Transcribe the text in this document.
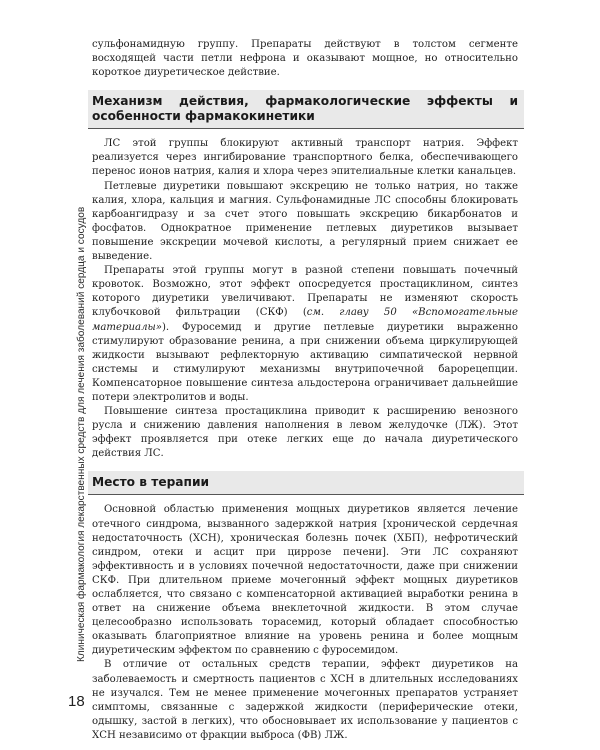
сульфонамидную группу. Препараты действуют в толстом сегменте восходящей части петли нефрона и оказывают мощное, но относительно короткое диуретическое действие.

Механизм действия, фармакологические эффекты и особенности фармакокинетики

ЛС этой группы блокируют активный транспорт натрия. Эффект реализуется через ингибирование транспортного белка, обеспечивающего перенос ионов натрия, калия и хлора через эпителиальные клетки канальцев.

Петлевые диуретики повышают экскрецию не только натрия, но также калия, хлора, кальция и магния. Сульфонамидные ЛС способны блокировать карбоангидразу и за счет этого повышать экскрецию бикарбонатов и фосфатов. Однократное применение петлевых диуретиков вызывает повышение экскреции мочевой кислоты, а регулярный прием снижает ее выведение.

Препараты этой группы могут в разной степени повышать почечный кровоток. Возможно, этот эффект опосредуется простациклином, синтез которого диуретики увеличивают. Препараты не изменяют скорость клубочковой фильтрации (СКФ) (см. главу 50 «Вспомогательные материалы»). Фуросемид и другие петлевые диуретики выраженно стимулируют образование ренина, а при снижении объема циркулирующей жидкости вызывают рефлекторную активацию симпатической нервной системы и стимулируют механизмы внутрипочечной барорецепции. Компенсаторное повышение синтеза альдостерона ограничивает дальнейшие потери электролитов и воды.

Повышение синтеза простациклина приводит к расширению венозного русла и снижению давления наполнения в левом желудочке (ЛЖ). Этот эффект проявляется при отеке легких еще до начала диуретического действия ЛС.

Место в терапии

Основной областью применения мощных диуретиков является лечение отечного синдрома, вызванного задержкой натрия [хронической сердечная недостаточность (ХСН), хроническая болезнь почек (ХБП), нефротический синдром, отеки и асцит при циррозе печени]. Эти ЛС сохраняют эффективность и в условиях почечной недостаточности, даже при снижении СКФ. При длительном приеме мочегонный эффект мощных диуретиков ослабляется, что связано с компенсаторной активацией выработки ренина в ответ на снижение объема внеклеточной жидкости. В этом случае целесообразно использовать торасемид, который обладает способностью оказывать благоприятное влияние на уровень ренина и более мощным диуретическим эффектом по сравнению с фуросемидом.

В отличие от остальных средств терапии, эффект диуретиков на заболеваемость и смертность пациентов с ХСН в длительных исследованиях не изучался. Тем не менее применение мочегонных препаратов устраняет симптомы, связанные с задержкой жидкости (периферические отеки, одышку, застой в легких), что обосновывает их использование у пациентов с ХСН независимо от фракции выброса (ФВ) ЛЖ.

Клиническая фармакология лекарственных средств для лечения заболеваний сердца и сосудов
18
